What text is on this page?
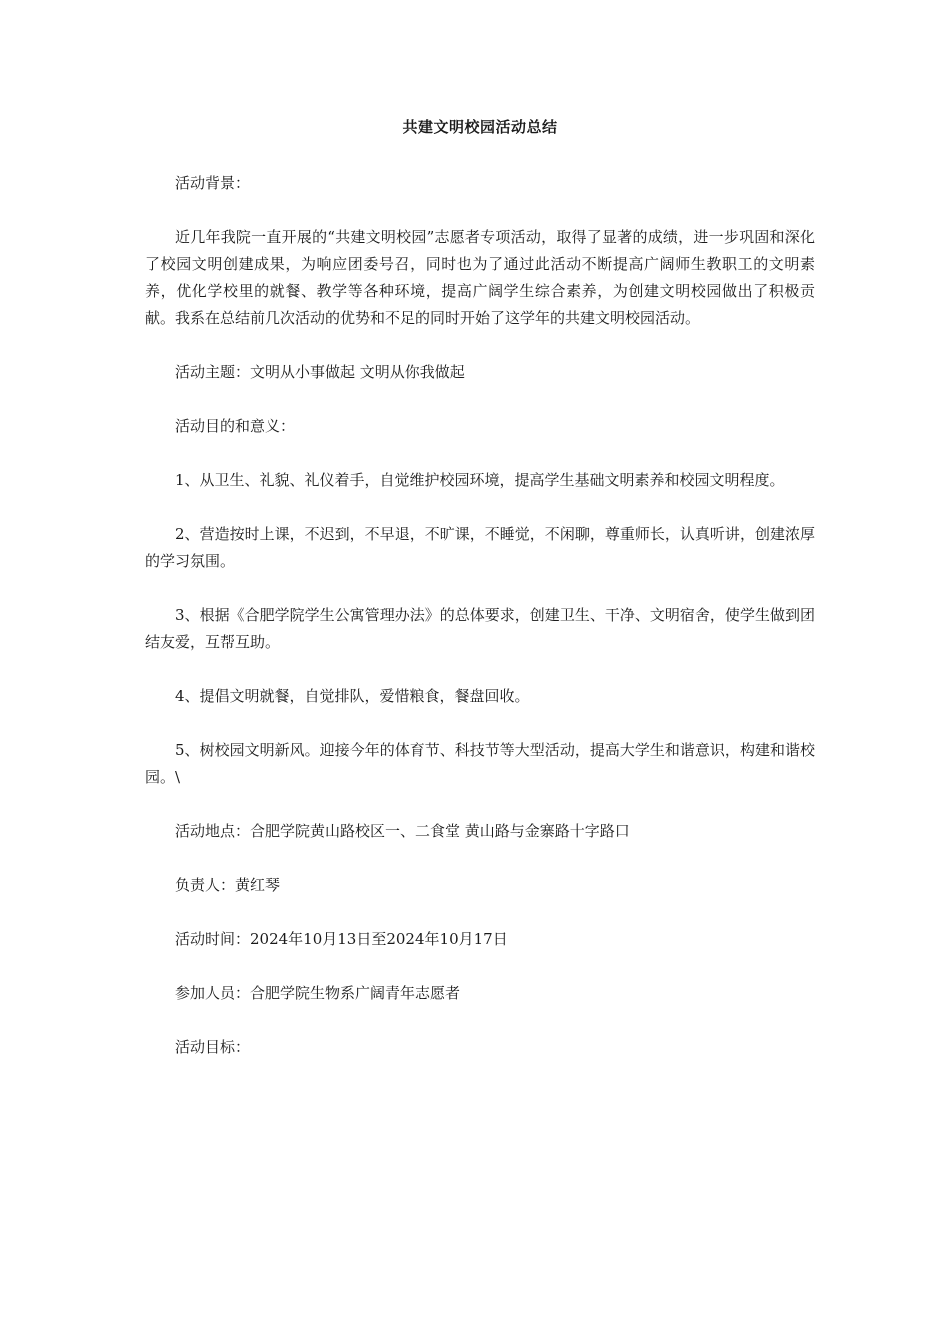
共建文明校园活动总结

活动背景：

近几年我院一直开展的“共建文明校园”志愿者专项活动，取得了显著的成绩，进一步巩固和深化了校园文明创建成果，为响应团委号召，同时也为了通过此活动不断提高广阔师生教职工的文明素养，优化学校里的就餐、教学等各种环境，提高广阔学生综合素养，为创建文明校园做出了积极贡献。我系在总结前几次活动的优势和不足的同时开始了这学年的共建文明校园活动。

活动主题：文明从小事做起 文明从你我做起

活动目的和意义：

1、从卫生、礼貌、礼仪着手，自觉维护校园环境，提高学生基础文明素养和校园文明程度。

2、营造按时上课，不迟到，不早退，不旷课，不睡觉，不闲聊，尊重师长，认真听讲，创建浓厚的学习氛围。

3、根据《合肥学院学生公寓管理办法》的总体要求，创建卫生、干净、文明宿舍，使学生做到团结友爱，互帮互助。

4、提倡文明就餐，自觉排队，爱惜粮食，餐盘回收。

5、树校园文明新风。迎接今年的体育节、科技节等大型活动，提高大学生和谐意识，构建和谐校园。\

活动地点：合肥学院黄山路校区一、二食堂 黄山路与金寨路十字路口

负责人：黄红琴

活动时间：2024年10月13日至2024年10月17日

参加人员：合肥学院生物系广阔青年志愿者

活动目标：
